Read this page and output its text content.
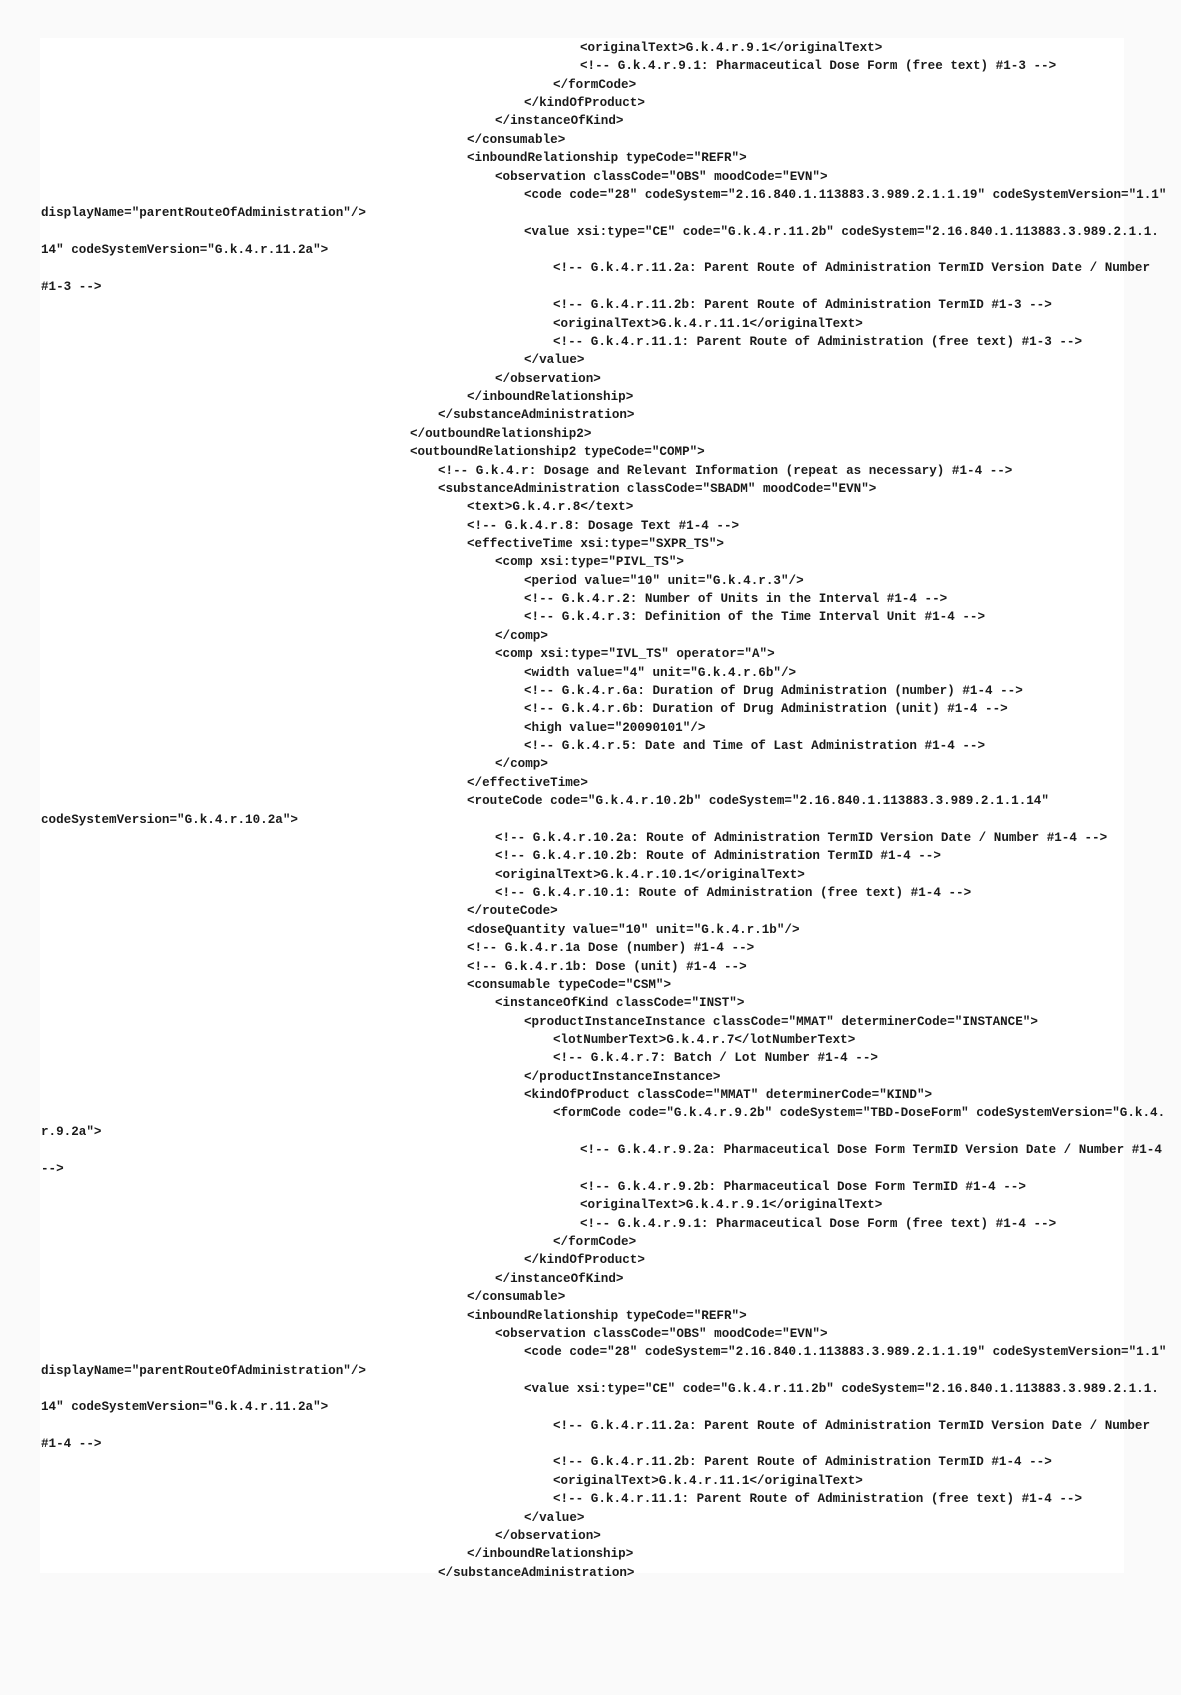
<originalText>G.k.4.r.9.1</originalText>
<!-- G.k.4.r.9.1: Pharmaceutical Dose Form (free text) #1-3 -->
</formCode>
</kindOfProduct>
</instanceOfKind>
</consumable>
<inboundRelationship typeCode="REFR">
<observation classCode="OBS" moodCode="EVN">
<code code="28" codeSystem="2.16.840.1.113883.3.989.2.1.1.19" codeSystemVersion="1.1"
displayName="parentRouteOfAdministration"/>
<value xsi:type="CE" code="G.k.4.r.11.2b" codeSystem="2.16.840.1.113883.3.989.2.1.1.
14" codeSystemVersion="G.k.4.r.11.2a">
<!-- G.k.4.r.11.2a: Parent Route of Administration TermID Version Date / Number
#1-3 -->
<!-- G.k.4.r.11.2b: Parent Route of Administration TermID #1-3 -->
<originalText>G.k.4.r.11.1</originalText>
<!-- G.k.4.r.11.1: Parent Route of Administration (free text) #1-3 -->
</value>
</observation>
</inboundRelationship>
</substanceAdministration>
</outboundRelationship2>
<outboundRelationship2 typeCode="COMP">
<!-- G.k.4.r: Dosage and Relevant Information (repeat as necessary) #1-4 -->
<substanceAdministration classCode="SBADM" moodCode="EVN">
<text>G.k.4.r.8</text>
<!-- G.k.4.r.8: Dosage Text #1-4 -->
<effectiveTime xsi:type="SXPR_TS">
<comp xsi:type="PIVL_TS">
<period value="10" unit="G.k.4.r.3"/>
<!-- G.k.4.r.2: Number of Units in the Interval #1-4 -->
<!-- G.k.4.r.3: Definition of the Time Interval Unit #1-4 -->
</comp>
<comp xsi:type="IVL_TS" operator="A">
<width value="4" unit="G.k.4.r.6b"/>
<!-- G.k.4.r.6a: Duration of Drug Administration (number) #1-4 -->
<!-- G.k.4.r.6b: Duration of Drug Administration (unit) #1-4 -->
<high value="20090101"/>
<!-- G.k.4.r.5: Date and Time of Last Administration #1-4 -->
</comp>
</effectiveTime>
<routeCode code="G.k.4.r.10.2b" codeSystem="2.16.840.1.113883.3.989.2.1.1.14"
codeSystemVersion="G.k.4.r.10.2a">
<!-- G.k.4.r.10.2a: Route of Administration TermID Version Date / Number #1-4 -->
<!-- G.k.4.r.10.2b: Route of Administration TermID #1-4 -->
<originalText>G.k.4.r.10.1</originalText>
<!-- G.k.4.r.10.1: Route of Administration (free text) #1-4 -->
</routeCode>
<doseQuantity value="10" unit="G.k.4.r.1b"/>
<!-- G.k.4.r.1a Dose (number) #1-4 -->
<!-- G.k.4.r.1b: Dose (unit) #1-4 -->
<consumable typeCode="CSM">
<instanceOfKind classCode="INST">
<productInstanceInstance classCode="MMAT" determinerCode="INSTANCE">
<lotNumberText>G.k.4.r.7</lotNumberText>
<!-- G.k.4.r.7: Batch / Lot Number #1-4 -->
</productInstanceInstance>
<kindOfProduct classCode="MMAT" determinerCode="KIND">
<formCode code="G.k.4.r.9.2b" codeSystem="TBD-DoseForm" codeSystemVersion="G.k.4.
r.9.2a">
<!-- G.k.4.r.9.2a: Pharmaceutical Dose Form TermID Version Date / Number #1-4
-->
<!-- G.k.4.r.9.2b: Pharmaceutical Dose Form TermID #1-4 -->
<originalText>G.k.4.r.9.1</originalText>
<!-- G.k.4.r.9.1: Pharmaceutical Dose Form (free text) #1-4 -->
</formCode>
</kindOfProduct>
</instanceOfKind>
</consumable>
<inboundRelationship typeCode="REFR">
<observation classCode="OBS" moodCode="EVN">
<code code="28" codeSystem="2.16.840.1.113883.3.989.2.1.1.19" codeSystemVersion="1.1"
displayName="parentRouteOfAdministration"/>
<value xsi:type="CE" code="G.k.4.r.11.2b" codeSystem="2.16.840.1.113883.3.989.2.1.1.
14" codeSystemVersion="G.k.4.r.11.2a">
<!-- G.k.4.r.11.2a: Parent Route of Administration TermID Version Date / Number
#1-4 -->
<!-- G.k.4.r.11.2b: Parent Route of Administration TermID #1-4 -->
<originalText>G.k.4.r.11.1</originalText>
<!-- G.k.4.r.11.1: Parent Route of Administration (free text) #1-4 -->
</value>
</observation>
</inboundRelationship>
</substanceAdministration>
